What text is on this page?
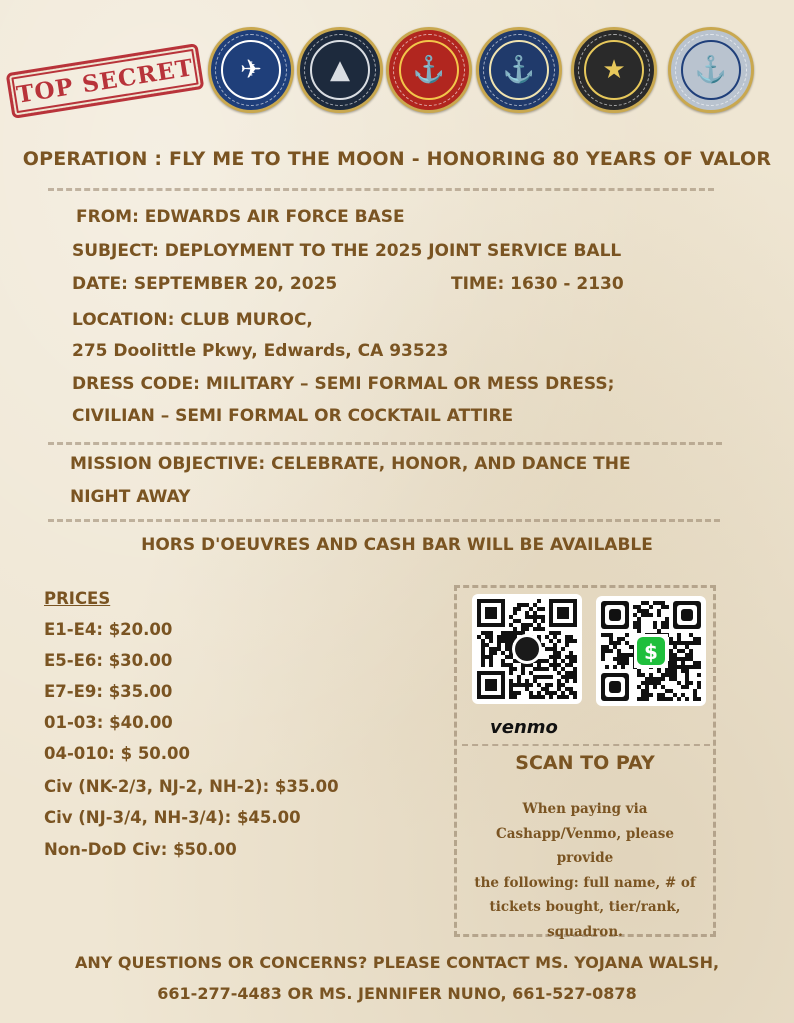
TOP SECRET	✈	▲	⚓	⚓	★	⚓
OPERATION : FLY ME TO THE MOON - HONORING 80 YEARS OF VALOR
FROM: EDWARDS AIR FORCE BASE
SUBJECT: DEPLOYMENT TO THE 2025 JOINT SERVICE BALL
DATE: SEPTEMBER 20, 2025	TIME: 1630 - 2130
LOCATION: CLUB MUROC,
275 Doolittle Pkwy, Edwards, CA 93523
DRESS CODE: MILITARY – SEMI FORMAL OR MESS DRESS;
CIVILIAN – SEMI FORMAL OR COCKTAIL ATTIRE
MISSION OBJECTIVE: CELEBRATE, HONOR, AND DANCE THE
NIGHT AWAY
HORS D'OEUVRES AND CASH BAR WILL BE AVAILABLE
PRICES
E1-E4: $20.00
E5-E6: $30.00
E7-E9: $35.00
01-03: $40.00
04-010: $ 50.00
Civ (NK-2/3, NJ-2, NH-2): $35.00
Civ (NJ-3/4, NH-3/4): $45.00
Non-DoD Civ: $50.00
$
venmo
SCAN TO PAY
When paying via
Cashapp/Venmo, please provide
the following: full name, # of
tickets bought, tier/rank,
squadron.
ANY QUESTIONS OR CONCERNS? PLEASE CONTACT MS. YOJANA WALSH,
661-277-4483 OR MS. JENNIFER NUNO, 661-527-0878
